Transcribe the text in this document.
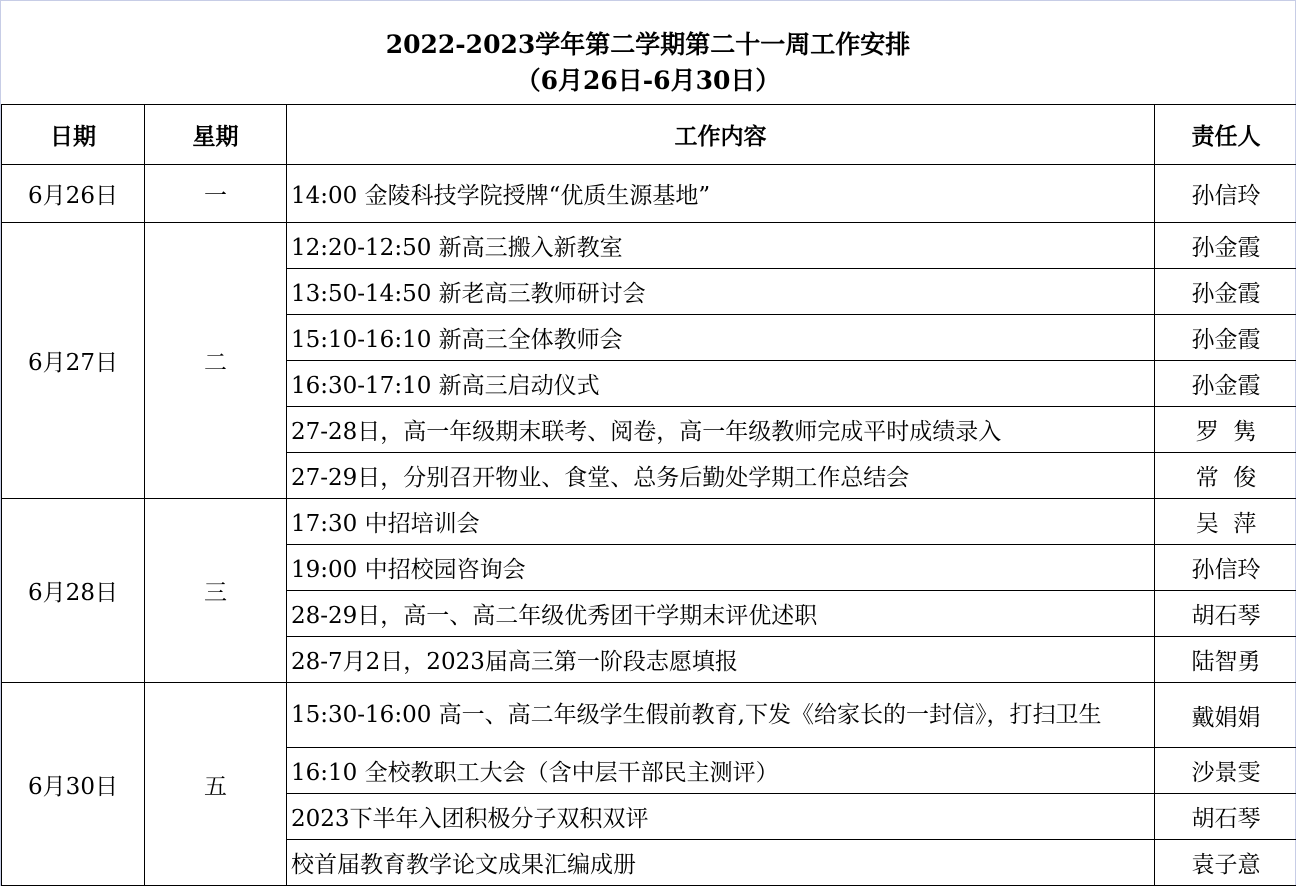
2022-2023学年第二学期第二十一周工作安排
（6月26日-6月30日）
日期	星期	工作内容	责任人
6月26日	一	14:00 金陵科技学院授牌“优质生源基地”	孙信玲
6月27日	二	12:20-12:50 新高三搬入新教室	孙金霞
		13:50-14:50 新老高三教师研讨会	孙金霞
		15:10-16:10 新高三全体教师会	孙金霞
		16:30-17:10 新高三启动仪式	孙金霞
		27-28日，高一年级期末联考、阅卷，高一年级教师完成平时成绩录入	罗  隽
		27-29日，分别召开物业、食堂、总务后勤处学期工作总结会	常  俊
6月28日	三	17:30 中招培训会	吴  萍
		19:00 中招校园咨询会	孙信玲
		28-29日，高一、高二年级优秀团干学期末评优述职	胡石琴
		28-7月2日，2023届高三第一阶段志愿填报	陆智勇
6月30日	五	15:30-16:00 高一、高二年级学生假前教育,下发《给家长的一封信》，打扫卫生	戴娟娟
		16:10 全校教职工大会（含中层干部民主测评）	沙景雯
		2023下半年入团积极分子双积双评	胡石琴
		校首届教育教学论文成果汇编成册	袁子意
